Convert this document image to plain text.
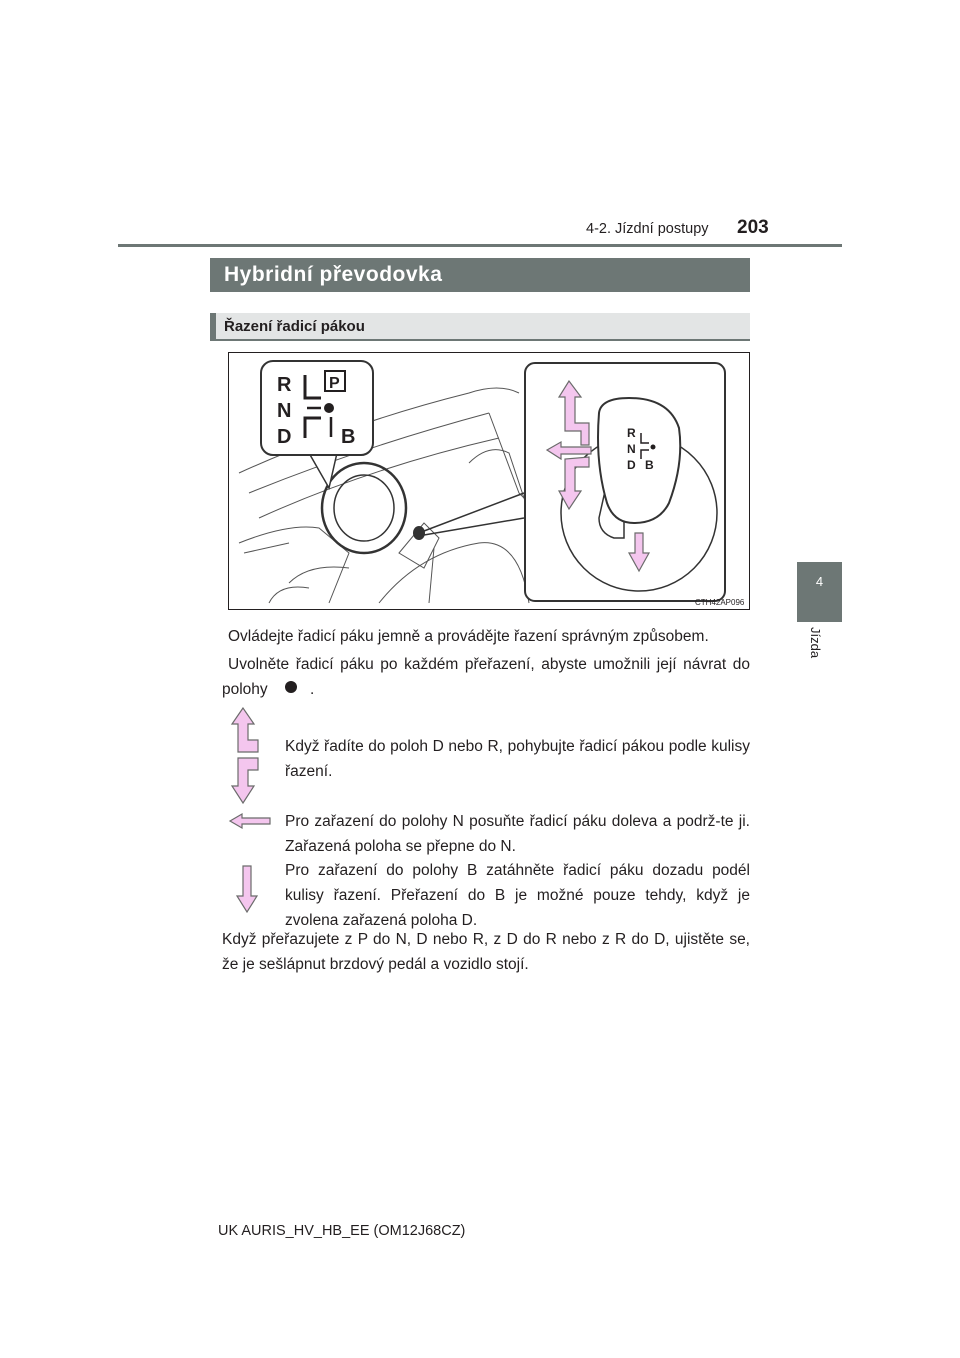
203
4-2. Jízdní postupy
4
Jízda
Hybridní převodovka
Řazení řadicí pákou
R P
N
D B	R
N
D B
CTH42AP096
Ovládejte řadicí páku jemně a provádějte řazení správným způsobem.
Uvolněte řadicí páku po každém přeřazení, abyste umožnili její návrat do polohy	.
Když řadíte do poloh D nebo R, pohybujte řadicí pákou podle kulisy řazení.
Pro zařazení do polohy N posuňte řadicí páku doleva a podrž-te ji. Zařazená poloha se přepne do N.
Pro zařazení do polohy B zatáhněte řadicí páku dozadu podél kulisy řazení. Přeřazení do B je možné pouze tehdy, když je zvolena zařazená poloha D.
Když přeřazujete z P do N, D nebo R, z D do R nebo z R do D, ujistěte se, že je sešlápnut brzdový pedál a vozidlo stojí.
UK AURIS_HV_HB_EE (OM12J68CZ)
